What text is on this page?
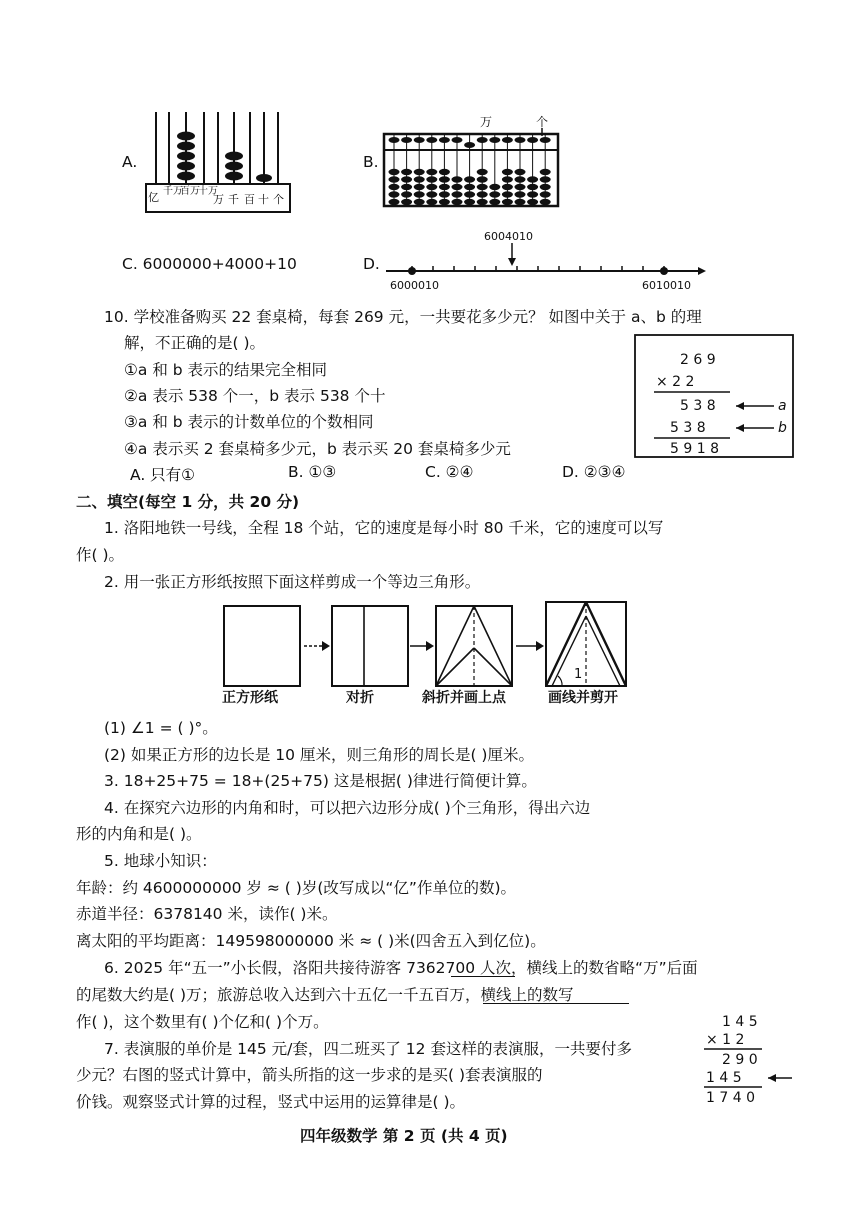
A.
亿 千万
百万
十万
万 千 百 十 个
B.
万	个
C. 6000000+4000+10	D.
6004010
6000010	6010010
10. 学校准备购买 22 套桌椅，每套 269 元，一共要花多少元？ 如图中关于 a、b 的理
解，不正确的是( )。
①a 和 b 表示的结果完全相同
②a 表示 538 个一，b 表示 538 个十
③a 和 b 表示的计数单位的个数相同
④a 表示买 2 套桌椅多少元，b 表示买 20 套桌椅多少元
A. 只有①	B. ①③	C. ②④	D. ②③④
2 6 9
× 2 2
5 3 8
5 3 8
5 9 1 8
a
b
二、填空(每空 1 分，共 20 分)
1. 洛阳地铁一号线，全程 18 个站，它的速度是每小时 80 千米，它的速度可以写
作( )。
2. 用一张正方形纸按照下面这样剪成一个等边三角形。
1
正方形纸	对折	斜折并画上点	画线并剪开
(1) ∠1 = ( )°。
(2) 如果正方形的边长是 10 厘米，则三角形的周长是( )厘米。
3. 18+25+75 = 18+(25+75) 这是根据( )律进行简便计算。
4. 在探究六边形的内角和时，可以把六边形分成( )个三角形，得出六边
形的内角和是( )。
5. 地球小知识：
年龄：约 4600000000 岁 ≈ ( )岁(改写成以“亿”作单位的数)。
赤道半径：6378140 米，读作( )米。
离太阳的平均距离：149598000000 米 ≈ ( )米(四舍五入到亿位)。
6. 2025 年“五一”小长假，洛阳共接待游客 7362700 人次，横线上的数省略“万”后面
的尾数大约是( )万；旅游总收入达到六十五亿一千五百万，横线上的数写
作( )，这个数里有( )个亿和( )个万。
7. 表演服的单价是 145 元/套，四二班买了 12 套这样的表演服，一共要付多
少元？右图的竖式计算中，箭头所指的这一步求的是买( )套表演服的
价钱。观察竖式计算的过程，竖式中运用的运算律是( )。
1 4 5
× 1 2
2 9 0
1 4 5
1 7 4 0
四年级数学 第 2 页 (共 4 页)
